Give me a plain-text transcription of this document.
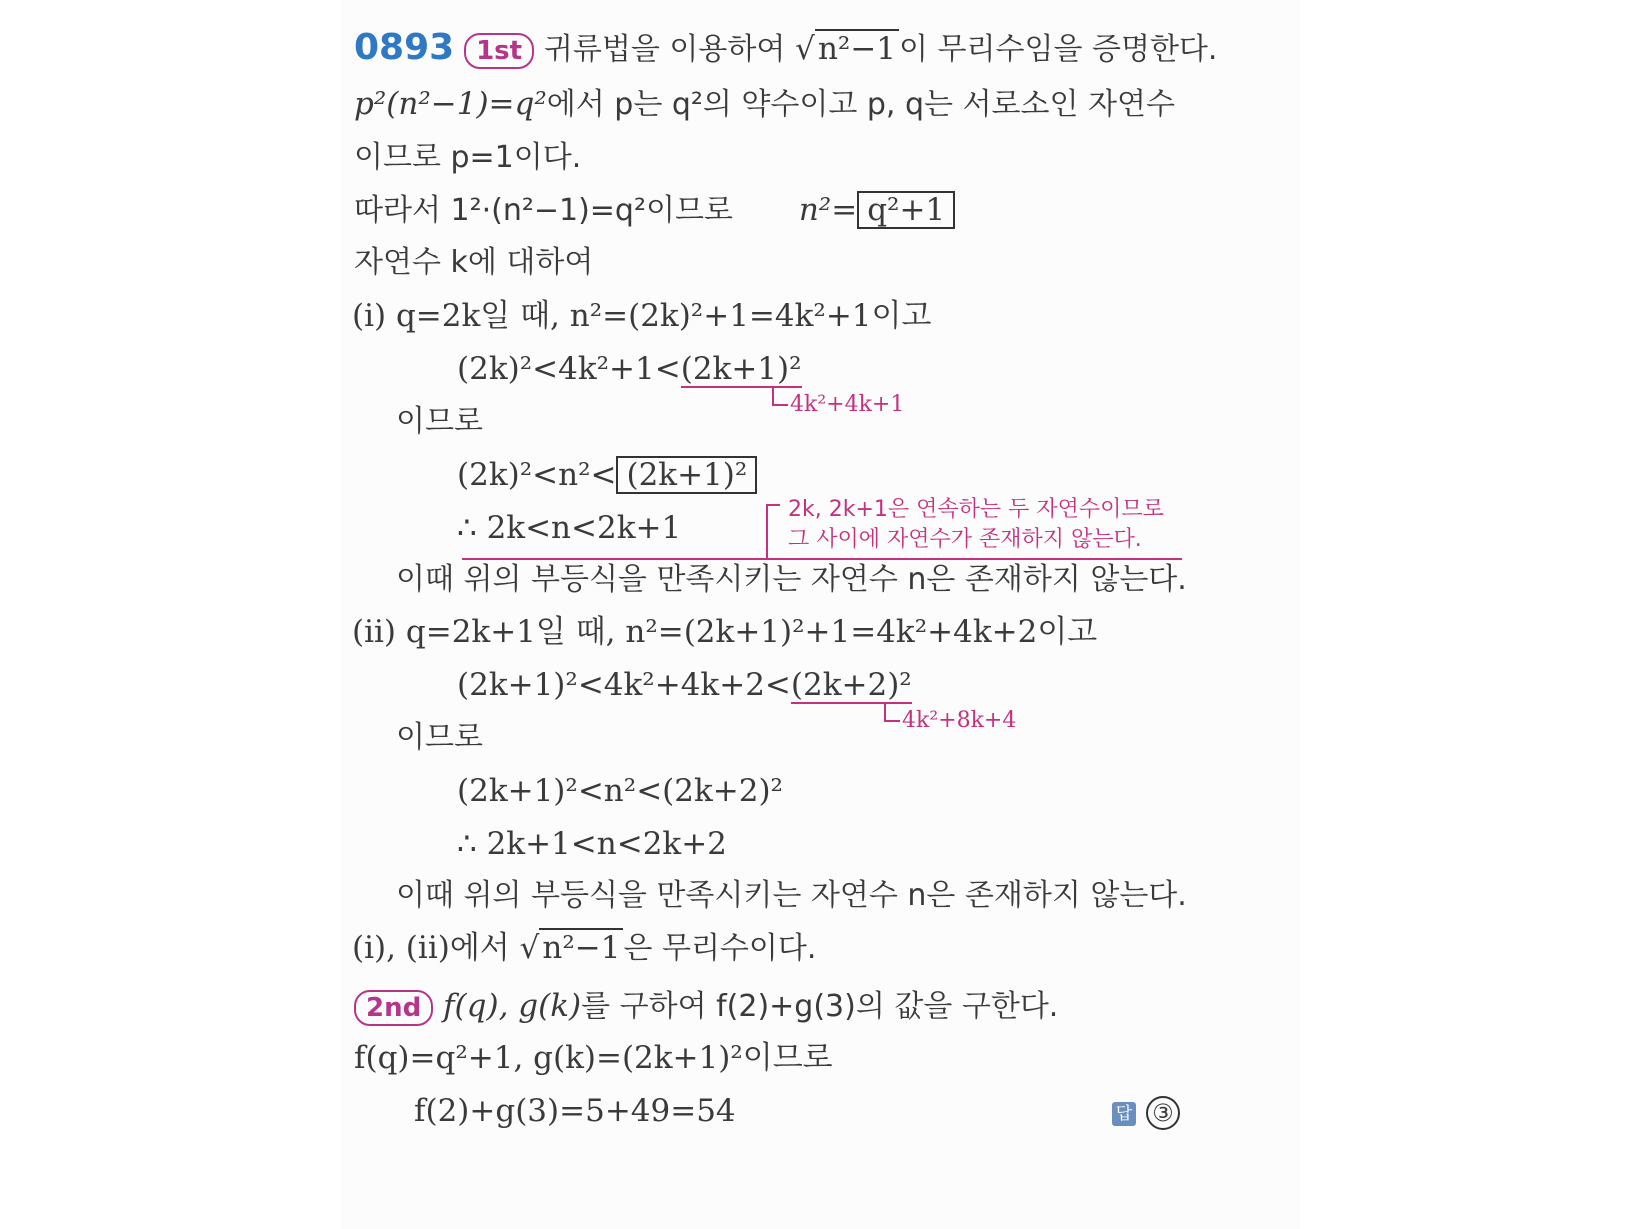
0893 1st 귀류법을 이용하여 √n²−1 이 무리수임을 증명한다.
p²(n²−1)=q²에서 p는 q²의 약수이고 p, q는 서로소인 자연수
이므로 p=1이다.
따라서 1²·(n²−1)=q²이므로 n²= q²+1
자연수 k에 대하여
(i) q=2k일 때, n²=(2k)²+1=4k²+1이고
(2k)²<4k²+1<(2k+1)²
4k²+4k+1
이므로
(2k)²<n²< (2k+1)²
∴ 2k<n<2k+1
2k, 2k+1은 연속하는 두 자연수이므로
그 사이에 자연수가 존재하지 않는다.
이때 위의 부등식을 만족시키는 자연수 n은 존재하지 않는다.
(ii) q=2k+1일 때, n²=(2k+1)²+1=4k²+4k+2이고
(2k+1)²<4k²+4k+2<(2k+2)²
4k²+8k+4
이므로
(2k+1)²<n²<(2k+2)²
∴ 2k+1<n<2k+2
이때 위의 부등식을 만족시키는 자연수 n은 존재하지 않는다.
(i), (ii)에서 √n²−1 은 무리수이다.
2nd f(q), g(k)를 구하여 f(2)+g(3)의 값을 구한다.
f(q)=q²+1, g(k)=(2k+1)²이므로
f(2)+g(3)=5+49=54	답 ③
